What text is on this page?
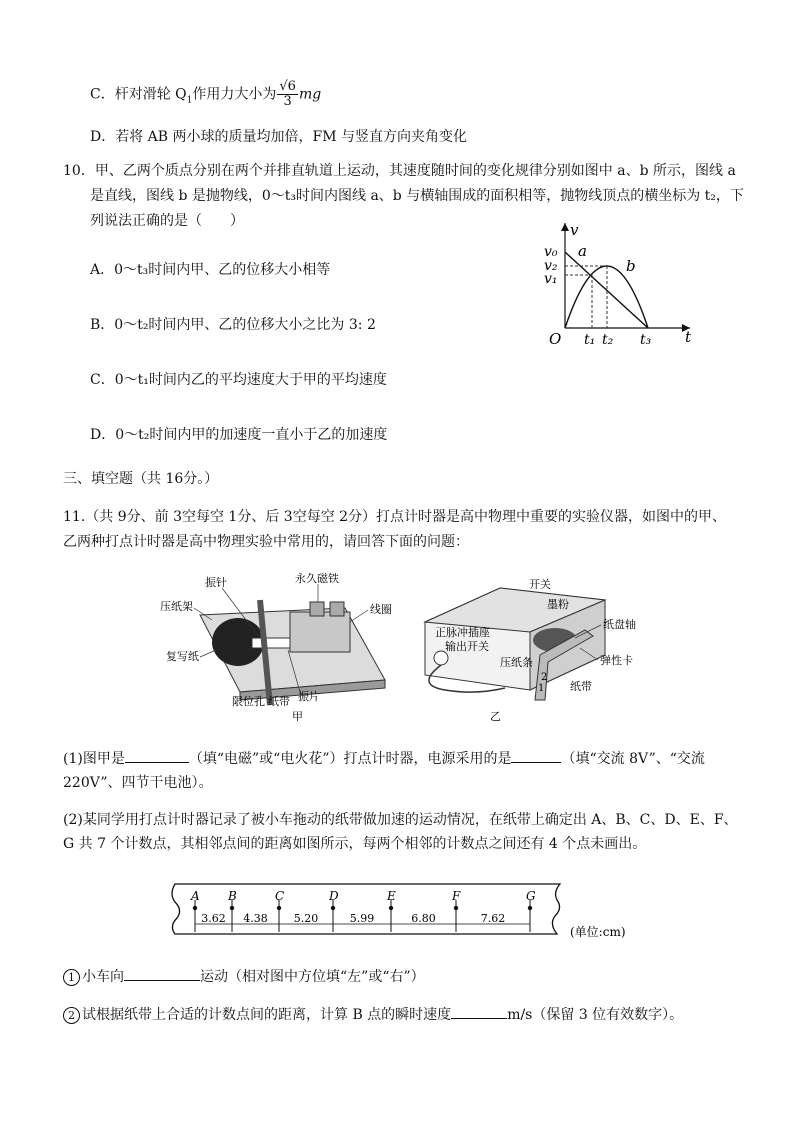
C．杆对滑轮 $Q_1$作用力大小为 $\frac{√6}{3}$ mg
D．若将 AB 两小球的质量均加倍，FM 与竖直方向夹角变化
10．甲、乙两个质点分别在两个并排直轨道上运动，其速度随时间的变化规律分别如图中 a、b 所示，图线 a
是直线，图线 b 是抛物线，0～t₃时间内图线 a、b 与横轴围成的面积相等，抛物线顶点的横坐标为 t₂，下
列说法正确的是（　　）
A．0～t₃时间内甲、乙的位移大小相等
B．0～t₂时间内甲、乙的位移大小之比为 3: 2
C．0～t₁时间内乙的平均速度大于甲的平均速度
D．0～t₂时间内甲的加速度一直小于乙的加速度
v
t
O
v₀
v₂
v₁
t₁ t₂ t₃
a
b
三、填空题（共 16分。）
11.（共 9分、前 3空每空 1分、后 3空每空 2分）打点计时器是高中物理中重要的实验仪器，如图中的甲、
乙两种打点计时器是高中物理实验中常用的，请回答下面的问题：
振针	永久磁铁
线圈
压纸架
复写纸
限位孔 纸带 振片
甲
开关
墨粉
纸盘轴
正脉冲插座
输出开关
压纸条	弹性卡
纸带
2
1
乙
(1)图甲是	（填“电磁”或“电火花”）打点计时器，电源采用的是	（填“交流 8V”、“交流
220V”、四节干电池）。
(2)某同学用打点计时器记录了被小车拖动的纸带做加速的运动情况，在纸带上确定出 A、B、C、D、E、F、
G 共 7 个计数点，其相邻点间的距离如图所示，每两个相邻的计数点之间还有 4 个点未画出。
A B	C	D	E	F	G
3.62 4.38 5.20	5.99	6.80	7.62
(单位:cm)
1 小车向	运动（相对图中方位填“左”或“右”）
2 试根据纸带上合适的计数点间的距离，计算 B 点的瞬时速度	m/s（保留 3 位有效数字）。
